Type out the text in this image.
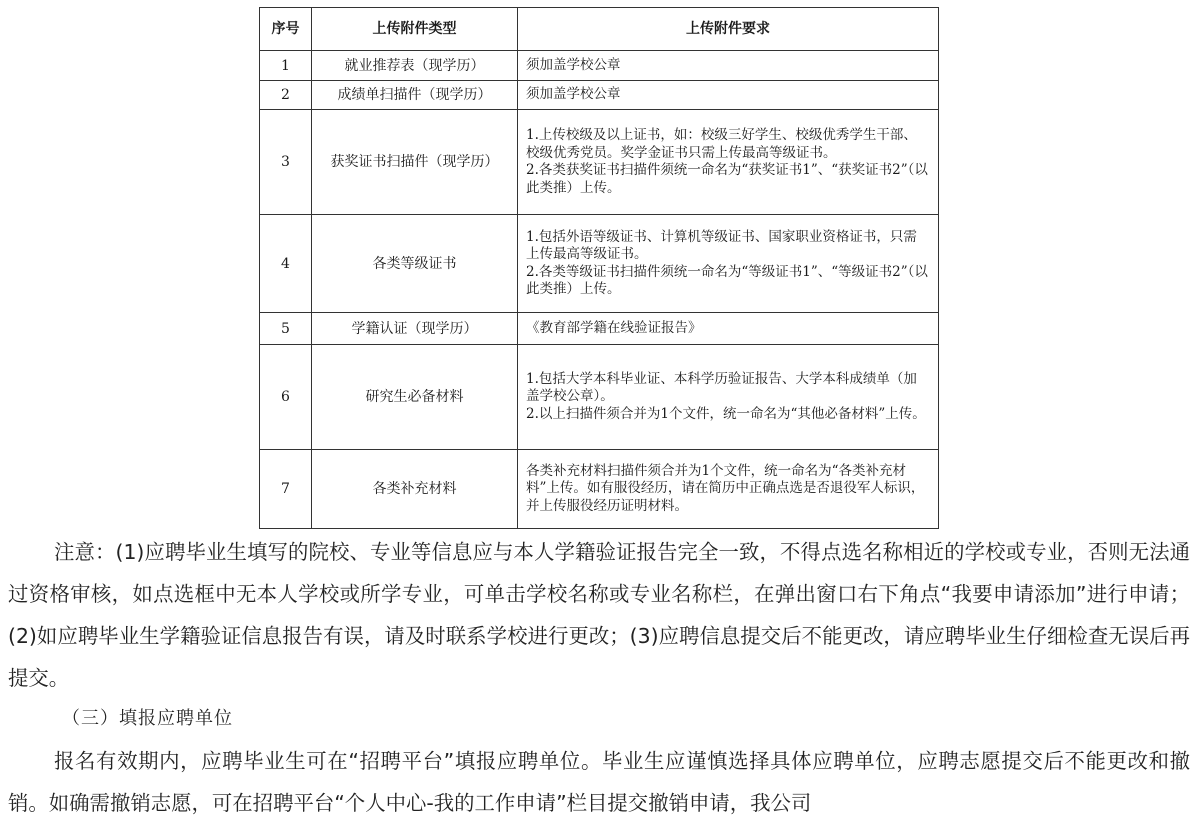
序号	上传附件类型	上传附件要求
1	就业推荐表（现学历）	须加盖学校公章

2	成绩单扫描件（现学历）	须加盖学校公章

3	获奖证书扫描件（现学历）	1.上传校级及以上证书，如：校级三好学生、校级优秀学生干部、校级优秀党员。奖学金证书只需上传最高等级证书。
2.各类获奖证书扫描件须统一命名为“获奖证书1”、“获奖证书2”（以此类推）上传。

4	各类等级证书	1.包括外语等级证书、计算机等级证书、国家职业资格证书，只需上传最高等级证书。
2.各类等级证书扫描件须统一命名为“等级证书1”、“等级证书2”（以此类推）上传。

5	学籍认证（现学历）	《教育部学籍在线验证报告》

6	研究生必备材料	1.包括大学本科毕业证、本科学历验证报告、大学本科成绩单（加盖学校公章）。
2.以上扫描件须合并为1个文件，统一命名为“其他必备材料”上传。

7	各类补充材料	各类补充材料扫描件须合并为1个文件，统一命名为“各类补充材料”上传。如有服役经历，请在简历中正确点选是否退役军人标识，并上传服役经历证明材料。

注意：(1)应聘毕业生填写的院校、专业等信息应与本人学籍验证报告完全一致，不得点选名称相近的学校或专业，否则无法通过资格审核，如点选框中无本人学校或所学专业，可单击学校名称或专业名称栏，在弹出窗口右下角点“我要申请添加”进行申请；(2)如应聘毕业生学籍验证信息报告有误，请及时联系学校进行更改；(3)应聘信息提交后不能更改，请应聘毕业生仔细检查无误后再提交。

（三）填报应聘单位

报名有效期内，应聘毕业生可在“招聘平台”填报应聘单位。毕业生应谨慎选择具体应聘单位，应聘志愿提交后不能更改和撤销。如确需撤销志愿，可在招聘平台“个人中心-我的工作申请”栏目提交撤销申请，我公司
